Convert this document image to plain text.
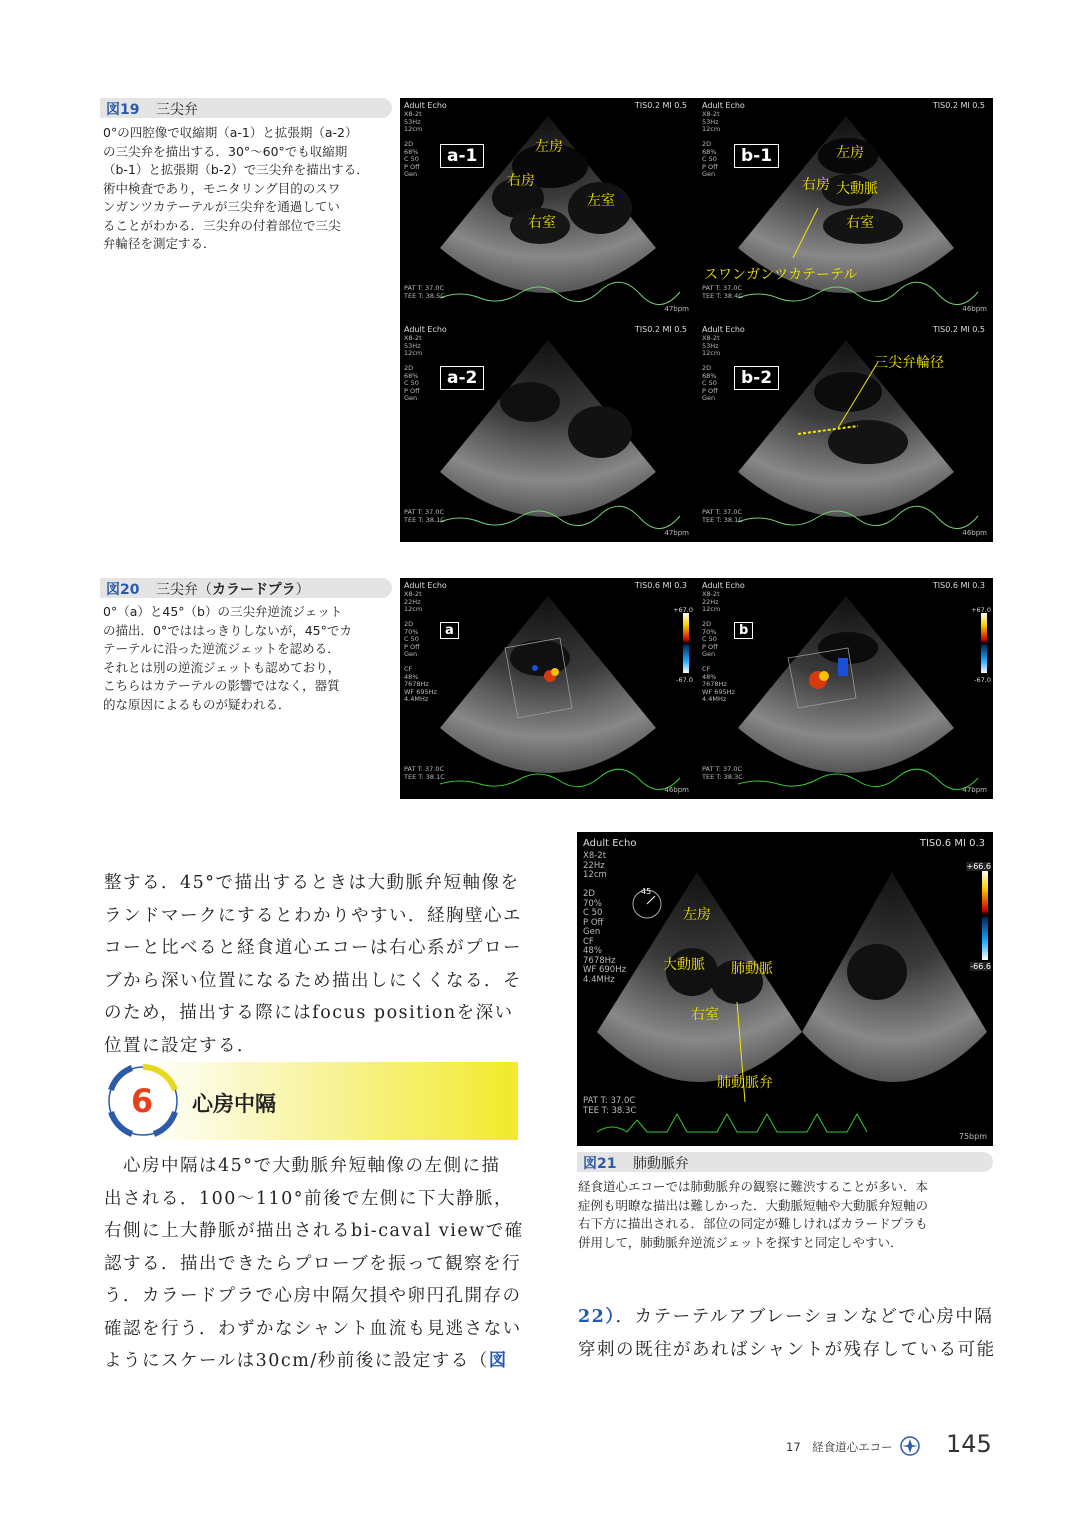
図19 三尖弁
0°の四腔像で収縮期（a-1）と拡張期（a-2）
の三尖弁を描出する．30°〜60°でも収縮期
（b-1）と拡張期（b-2）で三尖弁を描出する．
術中検査であり，モニタリング目的のスワ
ンガンツカテーテルが三尖弁を通過してい
ることがわかる．三尖弁の付着部位で三尖
弁輪径を測定する．
Adult Echo	TIS0.2 MI 0.5
X8-2t
53Hz
12cm

2D
68%
C 50
P Off
Gen
a-1	左房
右房
左室
右室
PAT T: 37.0C
TEE T: 38.5C
47bpm
Adult Echo	TIS0.2 MI 0.5
X8-2t
53Hz
12cm

2D
68%
C 50
P Off
Gen
b-1	左房
右房 大動脈
右室
スワンガンツカテーテル
PAT T: 37.0C
TEE T: 38.4C
46bpm
Adult Echo	TIS0.2 MI 0.5
X8-2t
53Hz
12cm

2D
68%
C 50
P Off
Gen
a-2
PAT T: 37.0C
TEE T: 38.1C
47bpm
Adult Echo	TIS0.2 MI 0.5
X8-2t
53Hz
12cm

2D
68%
C 50
P Off
Gen
b-2
三尖弁輪径
PAT T: 37.0C
TEE T: 38.1C
46bpm
図20 三尖弁（カラードプラ）
0°（a）と45°（b）の三尖弁逆流ジェット
の描出．0°でははっきりしないが，45°でカ
テーテルに沿った逆流ジェットを認める．
それとは別の逆流ジェットも認めており，
こちらはカテーテルの影響ではなく，器質
的な原因によるものが疑われる．
Adult Echo	TIS0.6 MI 0.3
X8-2t
22Hz
12cm

2D
70%
C 50
P Off
Gen

CF
48%
7678Hz
WF 695Hz
4.4MHz
a
+67.0
-67.0
PAT T: 37.0C
TEE T: 38.1C
46bpm
Adult Echo	TIS0.6 MI 0.3
X8-2t
22Hz
12cm

2D
70%
C 50
P Off
Gen

CF
48%
7678Hz
WF 695Hz
4.4MHz
b
+67.0
-67.0
PAT T: 37.0C
TEE T: 38.3C
47bpm
整する．45°で描出するときは大動脈弁短軸像を
ランドマークにするとわかりやすい．経胸壁心エ
コーと比べると経食道心エコーは右心系がプロー
ブから深い位置になるため描出しにくくなる．そ
のため，描出する際にはfocus positionを深い
位置に設定する．
6 心房中隔
　心房中隔は45°で大動脈弁短軸像の左側に描
出される．100〜110°前後で左側に下大静脈，
右側に上大静脈が描出されるbi-caval viewで確
認する．描出できたらプローブを振って観察を行
う．カラードプラで心房中隔欠損や卵円孔開存の
確認を行う．わずかなシャント血流も見逃さない
ようにスケールは30cm/秒前後に設定する（図
Adult Echo	TIS0.6 MI 0.3
X8-2t
22Hz
12cm

2D
70%
C 50
P Off
Gen
CF
48%
7678Hz
WF 690Hz
4.4MHz
45
+66.6
-66.6
左房
大動脈 肺動脈
右室
肺動脈弁
PAT T: 37.0C
TEE T: 38.3C
75bpm
図21 肺動脈弁
経食道心エコーでは肺動脈弁の観察に難渋することが多い．本
症例も明瞭な描出は難しかった．大動脈短軸や大動脈弁短軸の
右下方に描出される．部位の同定が難しければカラードプラも
併用して，肺動脈弁逆流ジェットを探すと同定しやすい．
22）．カテーテルアブレーションなどで心房中隔
穿刺の既往があればシャントが残存している可能
17　経食道心エコー 145
